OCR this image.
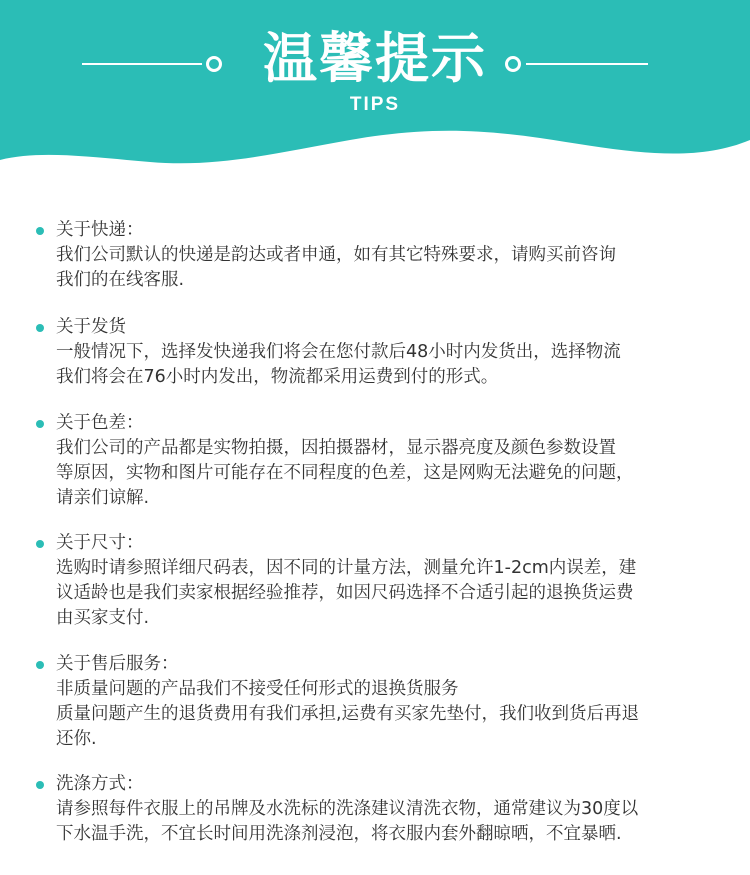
温馨提示
TIPS
关于快递：
我们公司默认的快递是韵达或者申通，如有其它特殊要求，请购买前咨询
我们的在线客服.
关于发货
一般情况下，选择发快递我们将会在您付款后48小时内发货出，选择物流
我们将会在76小时内发出，物流都采用运费到付的形式。
关于色差：
我们公司的产品都是实物拍摄，因拍摄器材，显示器亮度及颜色参数设置
等原因，实物和图片可能存在不同程度的色差，这是网购无法避免的问题，
请亲们谅解.
关于尺寸：
选购时请参照详细尺码表，因不同的计量方法，测量允许1-2cm内误差，建
议适龄也是我们卖家根据经验推荐，如因尺码选择不合适引起的退换货运费
由买家支付.
关于售后服务：
非质量问题的产品我们不接受任何形式的退换货服务
质量问题产生的退货费用有我们承担,运费有买家先垫付，我们收到货后再退
还你.
洗涤方式：
请参照每件衣服上的吊牌及水洗标的洗涤建议清洗衣物，通常建议为30度以
下水温手洗，不宜长时间用洗涤剂浸泡，将衣服内套外翻晾晒，不宜暴晒.
